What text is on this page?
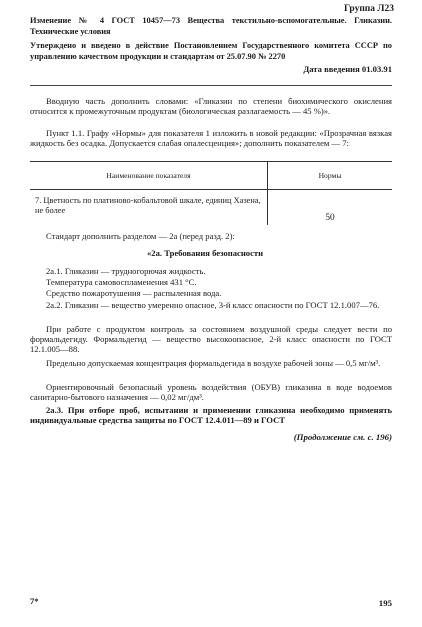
Группа Л23
Изменение № 4 ГОСТ 10457—73 Вещества текстильно-вспомогательные. Гликазин. Технические условия
Утверждено и введено в действие Постановлением Государственного комитета СССР по управлению качеством продукции и стандартам от 25.07.90 № 2270
Дата введения 01.03.91
Вводную часть дополнить словами: «Гликазин по степени биохимического окисления относится к промежуточным продуктам (биологическая разлагаемость — 45 %)».
Пункт 1.1. Графу «Нормы» для показателя 1 изложить в новой редакции: «Прозрачная вязкая жидкость без осадка. Допускается слабая опалесценция»; дополнить показателем — 7:
Наименование показателя	Нормы
7. Цветность по платиново-кобальтовой шкале, единиц Хазена, не более	50
Стандарт дополнить разделом — 2а (перед разд. 2):
«2а. Требования безопасности
2а.1. Гликазин — трудногорючая жидкость.
Температура самовоспламенения 431 °С.
Средство пожаротушения — распыленная вода.
2а.2. Гликазин — вещество умеренно опасное, 3-й класс опасности по ГОСТ 12.1.007—76.
При работе с продуктом контроль за состоянием воздушной среды следует вести по формальдегиду. Формальдегид — вещество высокоопасное, 2-й класс опасности по ГОСТ 12.1.005—88.
Предельно допускаемая концентрация формальдегида в воздухе рабочей зоны — 0,5 мг/м³.
Ориентировочный безопасный уровень воздействия (ОБУВ) гликазина в воде водоемов санитарно-бытового назначения — 0,02 мг/дм³.
2а.3. При отборе проб, испытании и применении гликазина необходимо применять индивидуальные средства защиты по ГОСТ 12.4.011—89 и ГОСТ
(Продолжение см. с. 196)
7*	195
